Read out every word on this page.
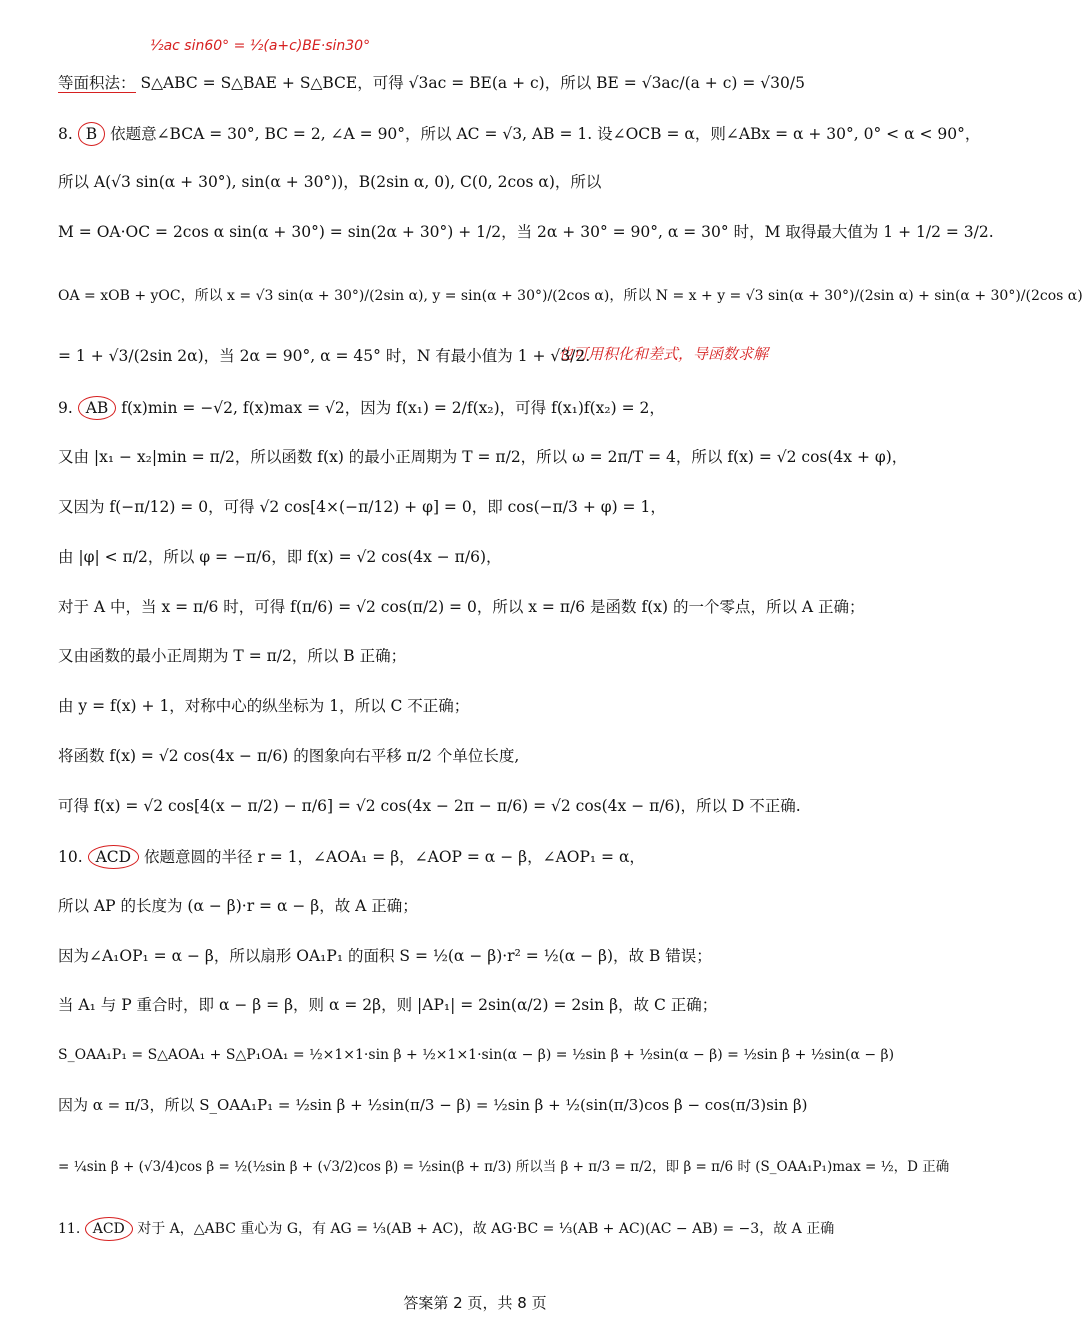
½ac sin60° = ½(a+c)BE·sin30°
也可用积化和差式，导函数求解
等面积法： S△ABC = S△BAE + S△BCE，可得 √3ac = BE(a + c)，所以 BE = √3ac/(a + c) = √30/5
8. B 依题意∠BCA = 30°, BC = 2, ∠A = 90°，所以 AC = √3, AB = 1. 设∠OCB = α，则∠ABx = α + 30°, 0° < α < 90°，
所以 A(√3 sin(α + 30°), sin(α + 30°))，B(2sin α, 0), C(0, 2cos α)，所以
M = OA·OC = 2cos α sin(α + 30°) = sin(2α + 30°) + 1/2，当 2α + 30° = 90°, α = 30° 时，M 取得最大值为 1 + 1/2 = 3/2.
OA = xOB + yOC，所以 x = √3 sin(α + 30°)/(2sin α), y = sin(α + 30°)/(2cos α)，所以 N = x + y = √3 sin(α + 30°)/(2sin α) + sin(α + 30°)/(2cos α)
= 1 + √3/(2sin 2α)，当 2α = 90°, α = 45° 时，N 有最小值为 1 + √3/2.
9. AB f(x)min = −√2, f(x)max = √2，因为 f(x₁) = 2/f(x₂)，可得 f(x₁)f(x₂) = 2，
又由 |x₁ − x₂|min = π/2，所以函数 f(x) 的最小正周期为 T = π/2，所以 ω = 2π/T = 4，所以 f(x) = √2 cos(4x + φ)，
又因为 f(−π/12) = 0，可得 √2 cos[4×(−π/12) + φ] = 0，即 cos(−π/3 + φ) = 1，
由 |φ| < π/2，所以 φ = −π/6，即 f(x) = √2 cos(4x − π/6)，
对于 A 中，当 x = π/6 时，可得 f(π/6) = √2 cos(π/2) = 0，所以 x = π/6 是函数 f(x) 的一个零点，所以 A 正确；
又由函数的最小正周期为 T = π/2，所以 B 正确；
由 y = f(x) + 1，对称中心的纵坐标为 1，所以 C 不正确；
将函数 f(x) = √2 cos(4x − π/6) 的图象向右平移 π/2 个单位长度,
可得 f(x) = √2 cos[4(x − π/2) − π/6] = √2 cos(4x − 2π − π/6) = √2 cos(4x − π/6)，所以 D 不正确.
10. ACD 依题意圆的半径 r = 1，∠AOA₁ = β，∠AOP = α − β，∠AOP₁ = α，
所以 AP 的长度为 (α − β)·r = α − β，故 A 正确；
因为∠A₁OP₁ = α − β，所以扇形 OA₁P₁ 的面积 S = ½(α − β)·r² = ½(α − β)，故 B 错误；
当 A₁ 与 P 重合时，即 α − β = β，则 α = 2β，则 |AP₁| = 2sin(α/2) = 2sin β，故 C 正确；
S_OAA₁P₁ = S△AOA₁ + S△P₁OA₁ = ½×1×1·sin β + ½×1×1·sin(α − β) = ½sin β + ½sin(α − β) = ½sin β + ½sin(α − β)
因为 α = π/3，所以 S_OAA₁P₁ = ½sin β + ½sin(π/3 − β) = ½sin β + ½(sin(π/3)cos β − cos(π/3)sin β)
= ¼sin β + (√3/4)cos β = ½(½sin β + (√3/2)cos β) = ½sin(β + π/3) 所以当 β + π/3 = π/2，即 β = π/6 时 (S_OAA₁P₁)max = ½，D 正确
11. ACD 对于 A，△ABC 重心为 G，有 AG = ⅓(AB + AC)，故 AG·BC = ⅓(AB + AC)(AC − AB) = −3，故 A 正确
答案第 2 页，共 8 页
